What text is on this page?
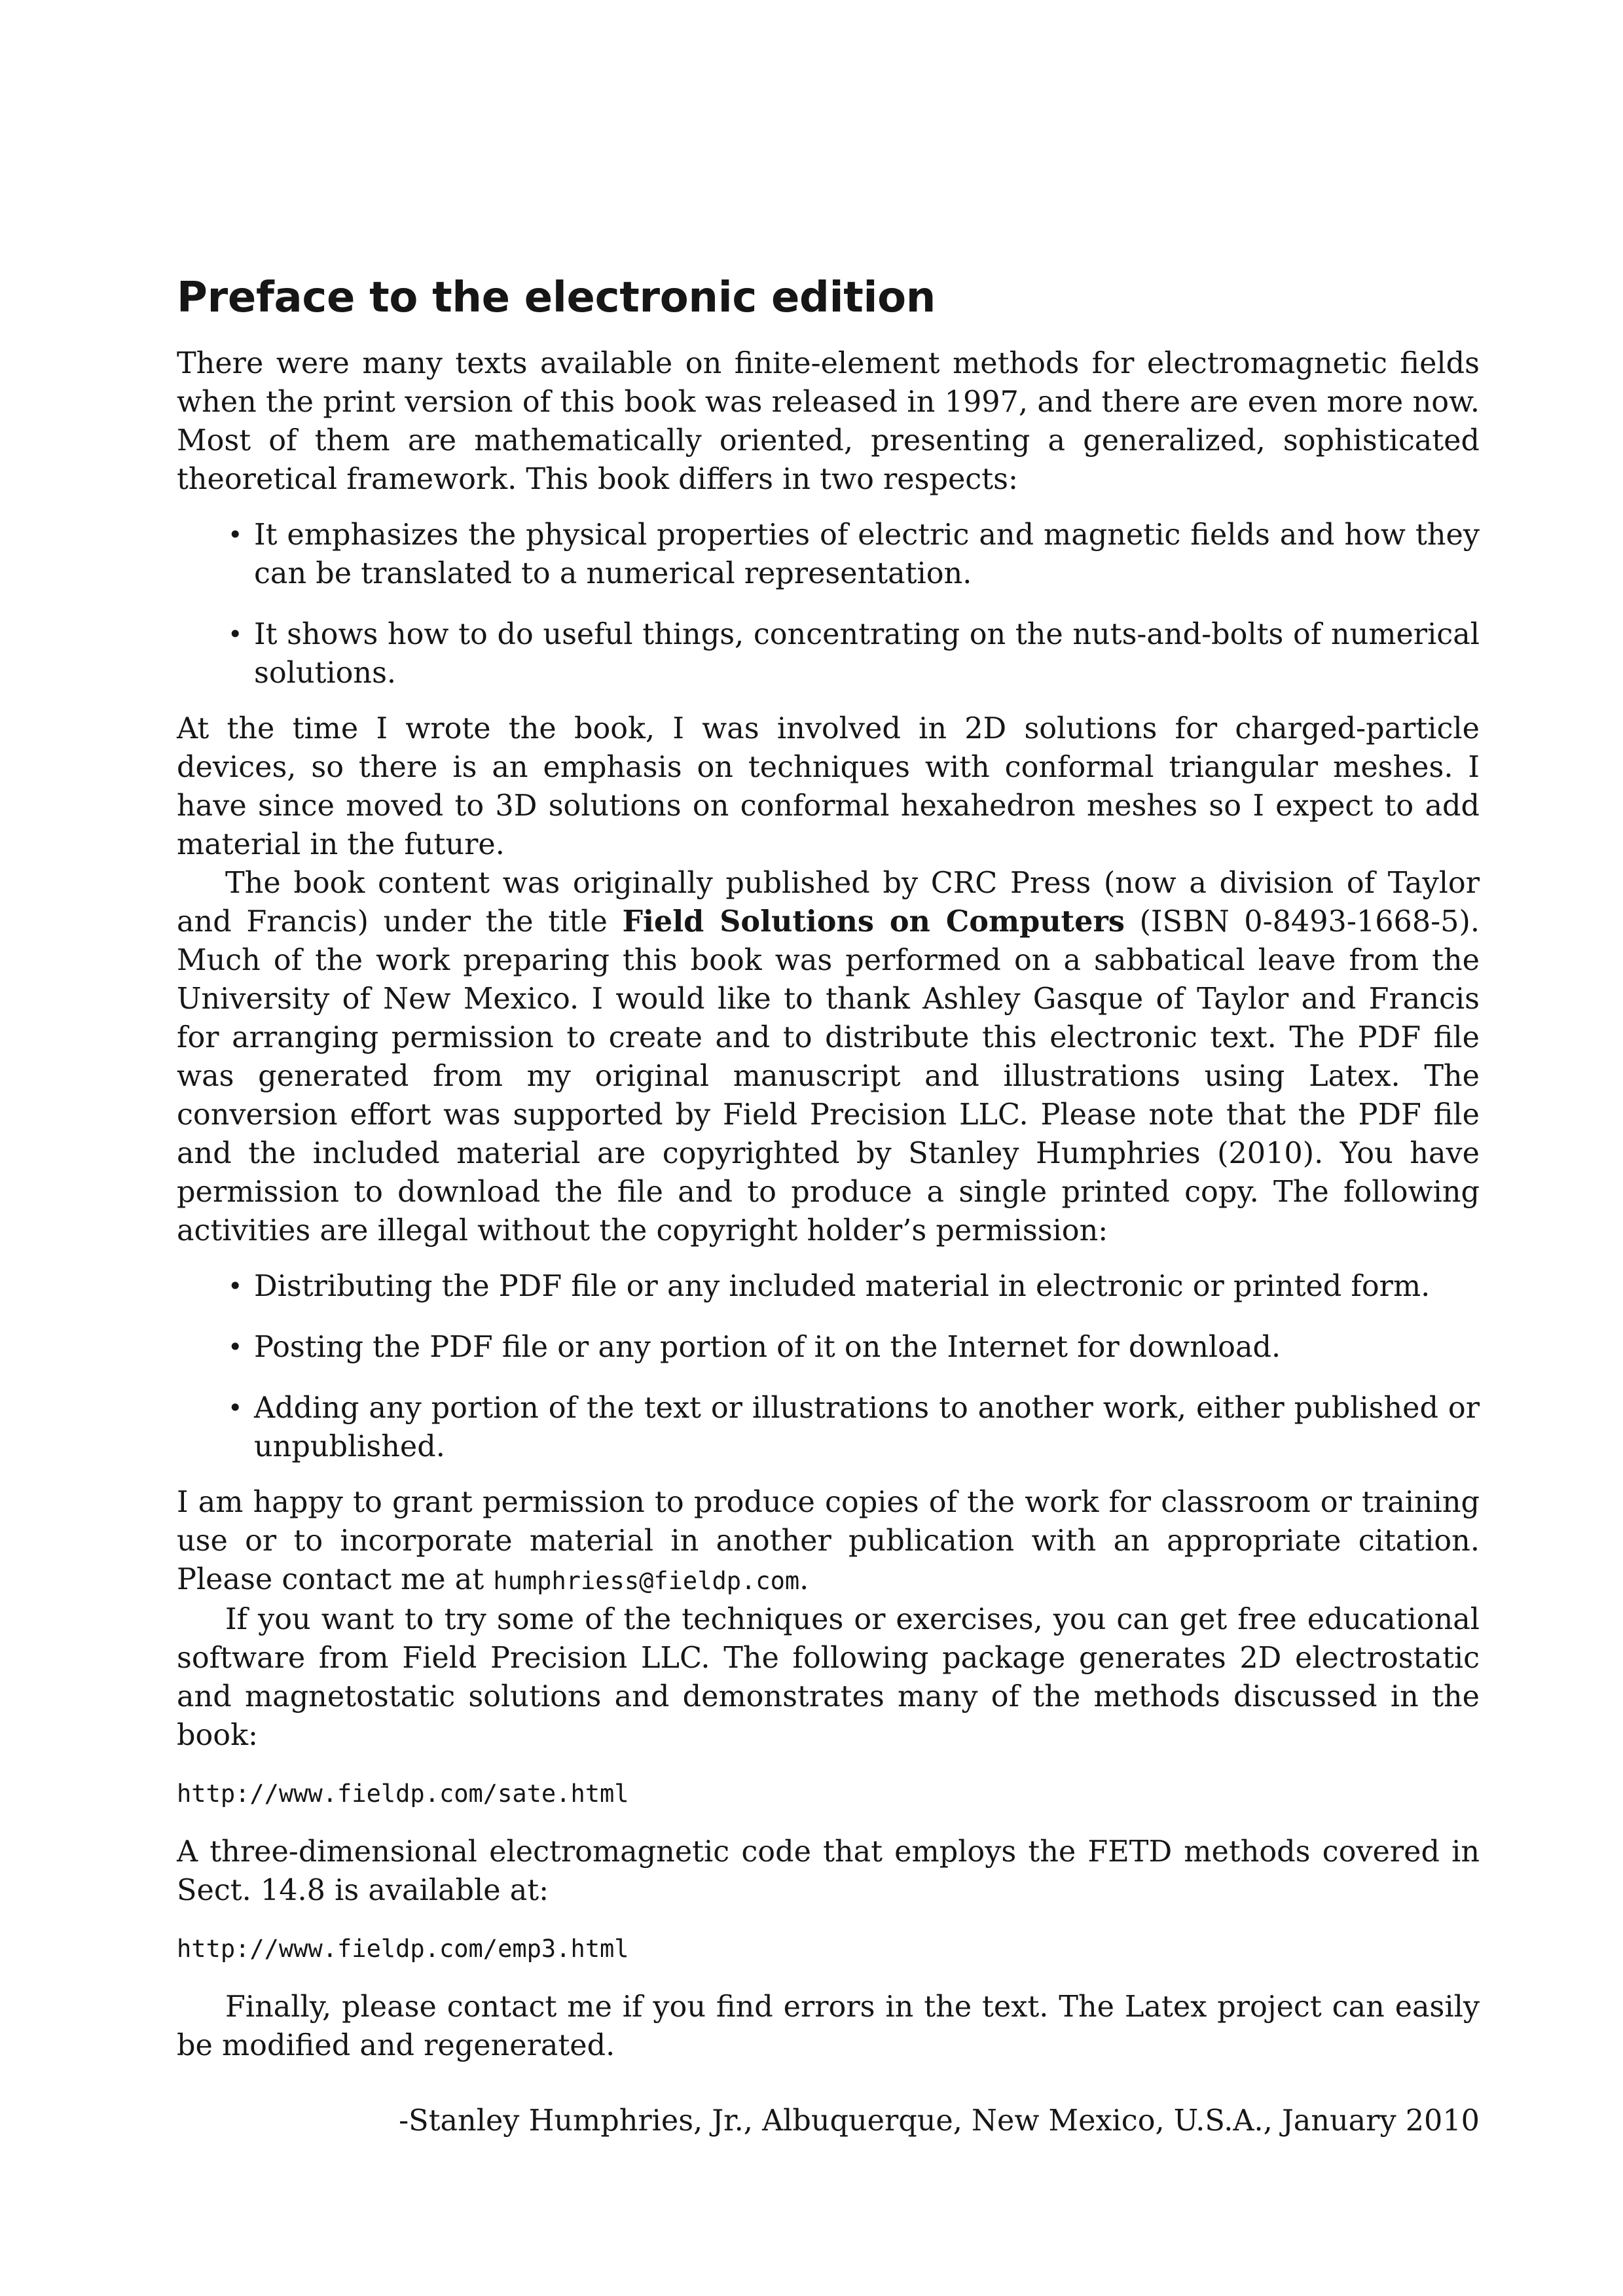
Preface to the electronic edition

There were many texts available on finite-element methods for electromagnetic fields when the print version of this book was released in 1997, and there are even more now. Most of them are mathematically oriented, presenting a generalized, sophisticated theoretical framework. This book differs in two respects:

• It emphasizes the physical properties of electric and magnetic fields and how they can be translated to a numerical representation.
• It shows how to do useful things, concentrating on the nuts-and-bolts of numerical solutions.

At the time I wrote the book, I was involved in 2D solutions for charged-particle devices, so there is an emphasis on techniques with conformal triangular meshes. I have since moved to 3D solutions on conformal hexahedron meshes so I expect to add material in the future.

The book content was originally published by CRC Press (now a division of Taylor and Francis) under the title Field Solutions on Computers (ISBN 0-8493-1668-5). Much of the work preparing this book was performed on a sabbatical leave from the University of New Mexico. I would like to thank Ashley Gasque of Taylor and Francis for arranging permission to create and to distribute this electronic text. The PDF file was generated from my original manuscript and illustrations using Latex. The conversion effort was supported by Field Precision LLC. Please note that the PDF file and the included material are copyrighted by Stanley Humphries (2010). You have permission to download the file and to produce a single printed copy. The following activities are illegal without the copyright holder’s permission:

• Distributing the PDF file or any included material in electronic or printed form.
• Posting the PDF file or any portion of it on the Internet for download.
• Adding any portion of the text or illustrations to another work, either published or unpublished.

I am happy to grant permission to produce copies of the work for classroom or training use or to incorporate material in another publication with an appropriate citation. Please contact me at humphriess@fieldp.com.

If you want to try some of the techniques or exercises, you can get free educational software from Field Precision LLC. The following package generates 2D electrostatic and magnetostatic solutions and demonstrates many of the methods discussed in the book:

http://www.fieldp.com/sate.html

A three-dimensional electromagnetic code that employs the FETD methods covered in Sect. 14.8 is available at:

http://www.fieldp.com/emp3.html

Finally, please contact me if you find errors in the text. The Latex project can easily be modified and regenerated.

-Stanley Humphries, Jr., Albuquerque, New Mexico, U.S.A., January 2010
